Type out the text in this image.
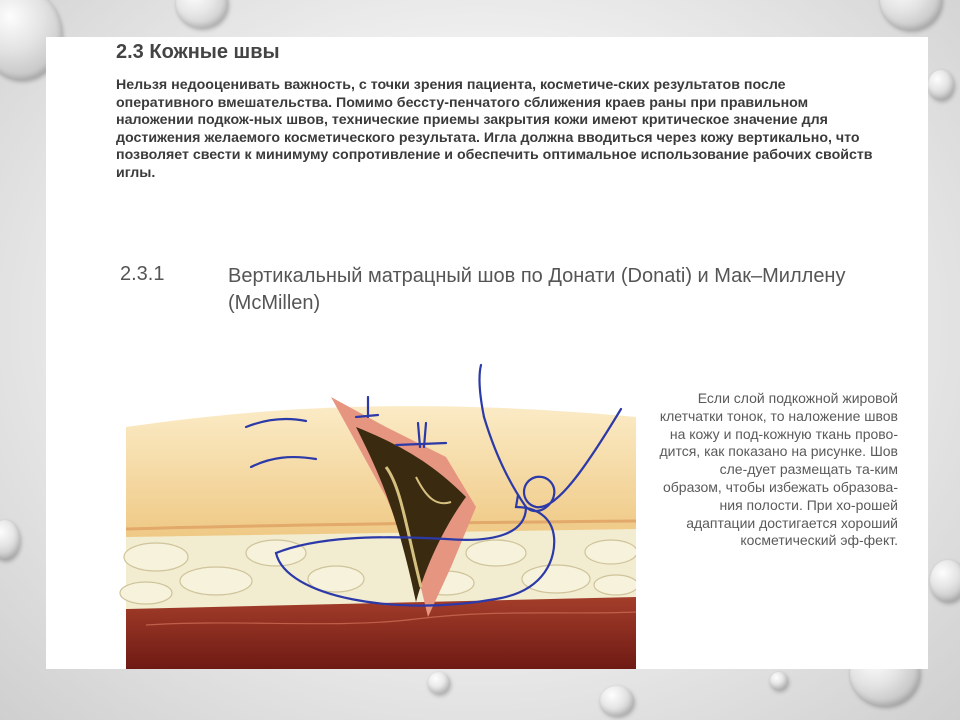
2.3 Кожные швы

Нельзя недооценивать важность, с точки зрения пациента, косметиче-ских результатов после оперативного вмешательства. Помимо бессту-пенчатого сближения краев раны при правильном наложении подкож-ных швов, технические приемы закрытия кожи имеют критическое значение для достижения желаемого косметического результата. Игла должна вводиться через кожу вертикально, что позволяет свести к минимуму сопротивление и обеспечить оптимальное использование рабочих свойств иглы.

2.3.1	Вертикальный матрацный шов по Донати (Donati) и Мак–Миллену (McMillen)

Если слой подкожной жировой клетчатки тонок, то наложение швов на кожу и под-кожную ткань прово-дится, как показано на рисунке. Шов сле-дует размещать та-ким образом, чтобы избежать образова-ния полости. При хо-рошей адаптации достигается хороший косметический эф-фект.
